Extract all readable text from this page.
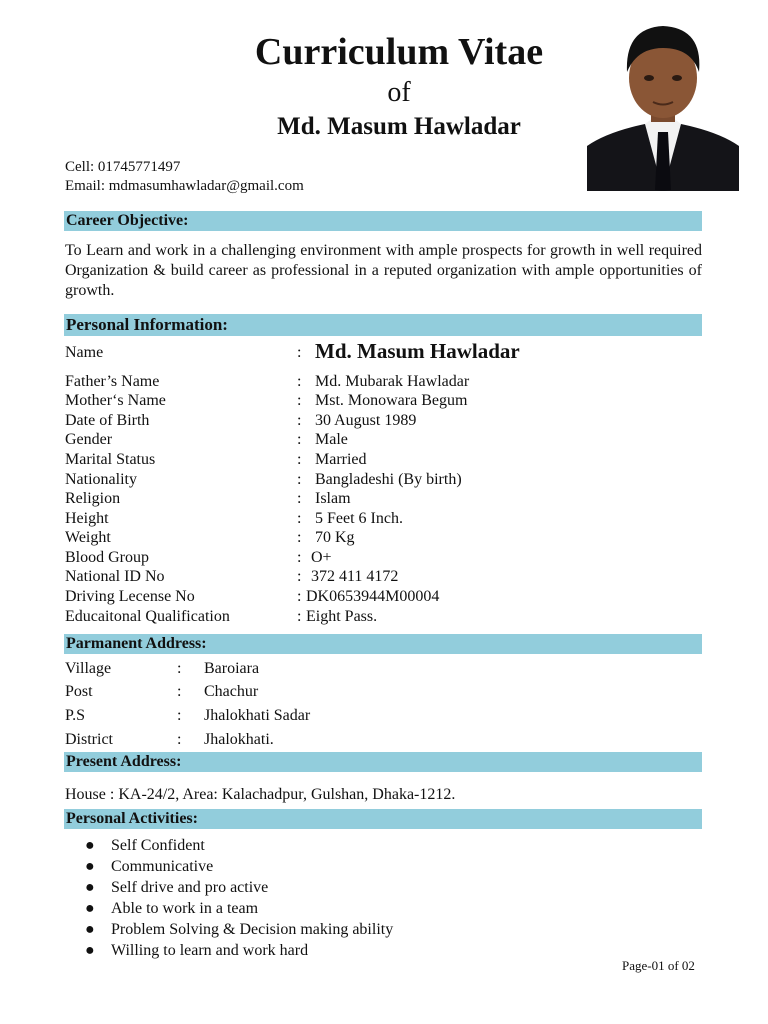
Curriculum Vitae
of
Md. Masum Hawladar
Cell: 01745771497
Email: mdmasumhawladar@gmail.com
Career Objective:
To Learn and work in a challenging environment with ample prospects for growth in well required Organization & build career as professional in a reputed organization with ample opportunities of growth.
Personal Information:
Name	: Md. Masum Hawladar
Father’s Name	: Md. Mubarak Hawladar
Mother‘s Name	: Mst. Monowara Begum
Date of Birth	: 30 August 1989
Gender	: Male
Marital Status	: Married
Nationality	: Bangladeshi (By birth)
Religion	: Islam
Height	: 5 Feet 6 Inch.
Weight	: 70 Kg
Blood Group	: O+
National ID No	: 372 411 4172
Driving Lecense No	: DK0653944M00004
Educaitonal Qualification	: Eight Pass.
Parmanent Address:
Village	: Baroiara
Post	: Chachur
P.S	: Jhalokhati Sadar
District	: Jhalokhati.
Present Address:
House : KA-24/2, Area: Kalachadpur, Gulshan, Dhaka-1212.
Personal Activities:
● Self Confident
● Communicative
● Self drive and pro active
● Able to work in a team
● Problem Solving & Decision making ability
● Willing to learn and work hard
Page-01 of 02
